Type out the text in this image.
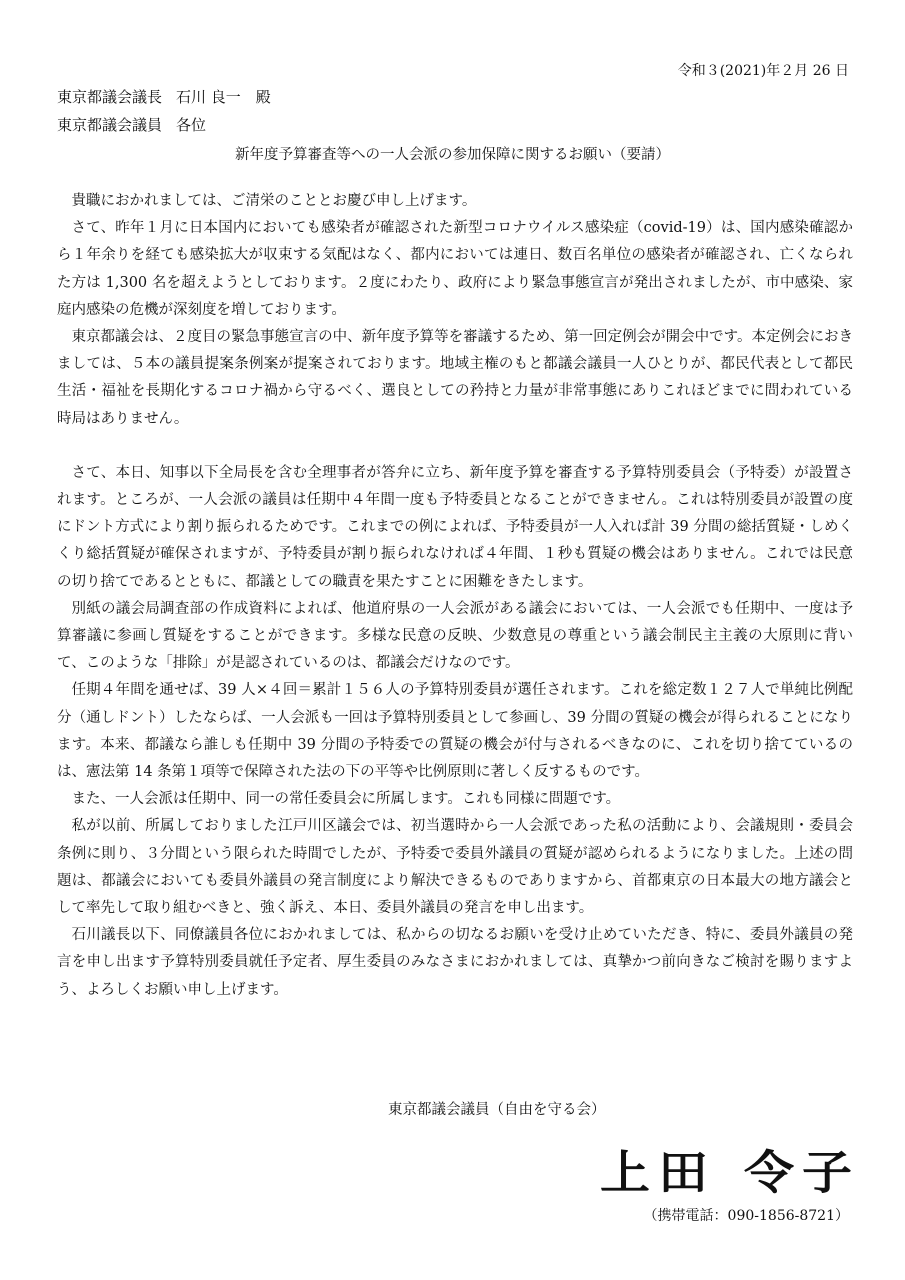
令和３(2021)年２月 26 日
東京都議会議長 石川 良一　殿
東京都議会議員 各位
新年度予算審査等への一人会派の参加保障に関するお願い（要請）

貴職におかれましては、ご清栄のこととお慶び申し上げます。

さて、昨年１月に日本国内においても感染者が確認された新型コロナウイルス感染症（covid-19）は、国内感染確認から１年余りを経ても感染拡大が収束する気配はなく、都内においては連日、数百名単位の感染者が確認され、亡くなられた方は 1,300 名を超えようとしております。２度にわたり、政府により緊急事態宣言が発出されましたが、市中感染、家庭内感染の危機が深刻度を増しております。

東京都議会は、２度目の緊急事態宣言の中、新年度予算等を審議するため、第一回定例会が開会中です。本定例会におきましては、５本の議員提案条例案が提案されております。地域主権のもと都議会議員一人ひとりが、都民代表として都民生活・福祉を長期化するコロナ禍から守るべく、選良としての矜持と力量が非常事態にありこれほどまでに問われている時局はありません。

さて、本日、知事以下全局長を含む全理事者が答弁に立ち、新年度予算を審査する予算特別委員会（予特委）が設置されます。ところが、一人会派の議員は任期中４年間一度も予特委員となることができません。これは特別委員が設置の度にドント方式により割り振られるためです。これまでの例によれば、予特委員が一人入れば計 39 分間の総括質疑・しめくくり総括質疑が確保されますが、予特委員が割り振られなければ４年間、１秒も質疑の機会はありません。これでは民意の切り捨てであるとともに、都議としての職責を果たすことに困難をきたします。

別紙の議会局調査部の作成資料によれば、他道府県の一人会派がある議会においては、一人会派でも任期中、一度は予算審議に参画し質疑をすることができます。多様な民意の反映、少数意見の尊重という議会制民主主義の大原則に背いて、このような「排除」が是認されているのは、都議会だけなのです。

任期４年間を通せば、39 人×４回＝累計１５６人の予算特別委員が選任されます。これを総定数１２７人で単純比例配分（通しドント）したならば、一人会派も一回は予算特別委員として参画し、39 分間の質疑の機会が得られることになります。本来、都議なら誰しも任期中 39 分間の予特委での質疑の機会が付与されるべきなのに、これを切り捨てているのは、憲法第 14 条第１項等で保障された法の下の平等や比例原則に著しく反するものです。

また、一人会派は任期中、同一の常任委員会に所属します。これも同様に問題です。

私が以前、所属しておりました江戸川区議会では、初当選時から一人会派であった私の活動により、会議規則・委員会条例に則り、３分間という限られた時間でしたが、予特委で委員外議員の質疑が認められるようになりました。上述の問題は、都議会においても委員外議員の発言制度により解決できるものでありますから、首都東京の日本最大の地方議会として率先して取り組むべきと、強く訴え、本日、委員外議員の発言を申し出ます。

石川議長以下、同僚議員各位におかれましては、私からの切なるお願いを受け止めていただき、特に、委員外議員の発言を申し出ます予算特別委員就任予定者、厚生委員のみなさまにおかれましては、真摯かつ前向きなご検討を賜りますよう、よろしくお願い申し上げます。

東京都議会議員（自由を守る会）
上田 令子
（携帯電話：090-1856-8721）
